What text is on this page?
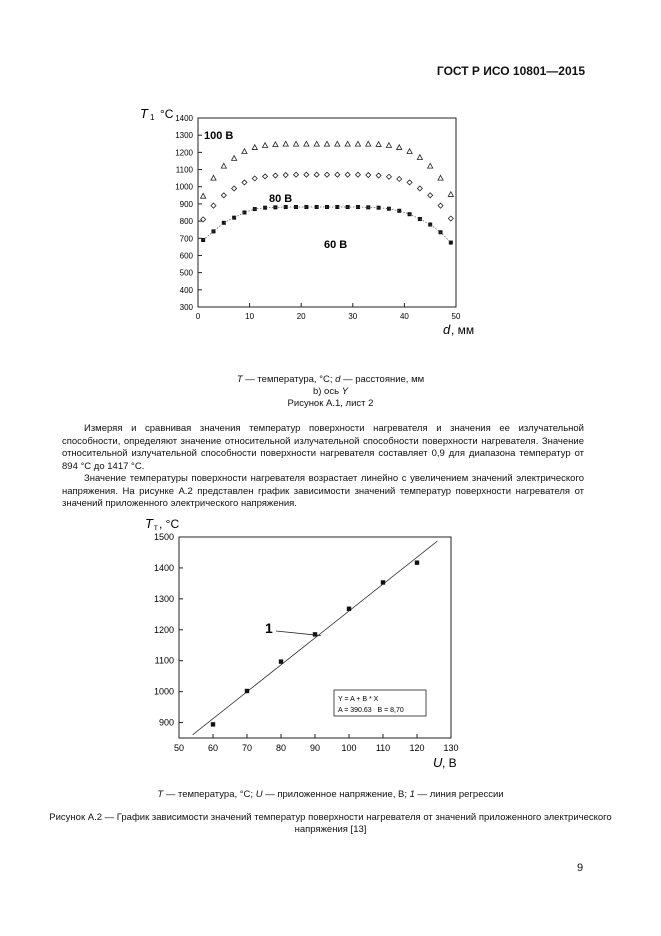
ГОСТ Р ИСО 10801—2015
0	10	20	30	40	50
300
400
500
600
700
800
900
1000
1100
1200
1300
1400
100 В
80 В
60 В
T 1 °C
d , мм
50	60	70	80	90 100 110 120 130
900
1000
1100
1200
1300
1400
1500
1
T т , °C
U , В
Y = A + B * X
A = 390.63   B = 8,70
T — температура, °C; d — расстояние, мм
b) ось Y
Рисунок А.1, лист 2

Измеряя и сравнивая значения температур поверхности нагревателя и значения ее излучательной способности, определяют значение относительной излучательной способности поверхности нагревателя. Значение относительной излучательной способности поверхности нагревателя составляет 0,9 для диапазона температур от 894 °С до 1417 °С.

Значение температуры поверхности нагревателя возрастает линейно с увеличением значений электрического напряжения. На рисунке А.2 представлен график зависимости значений температур поверхности нагревателя от значений приложенного электрического напряжения.

T — температура, °C; U — приложенное напряжение, В; 1 — линия регрессии
Рисунок А.2 — График зависимости значений температур поверхности нагревателя от значений приложенного электрического напряжения [13]
9
